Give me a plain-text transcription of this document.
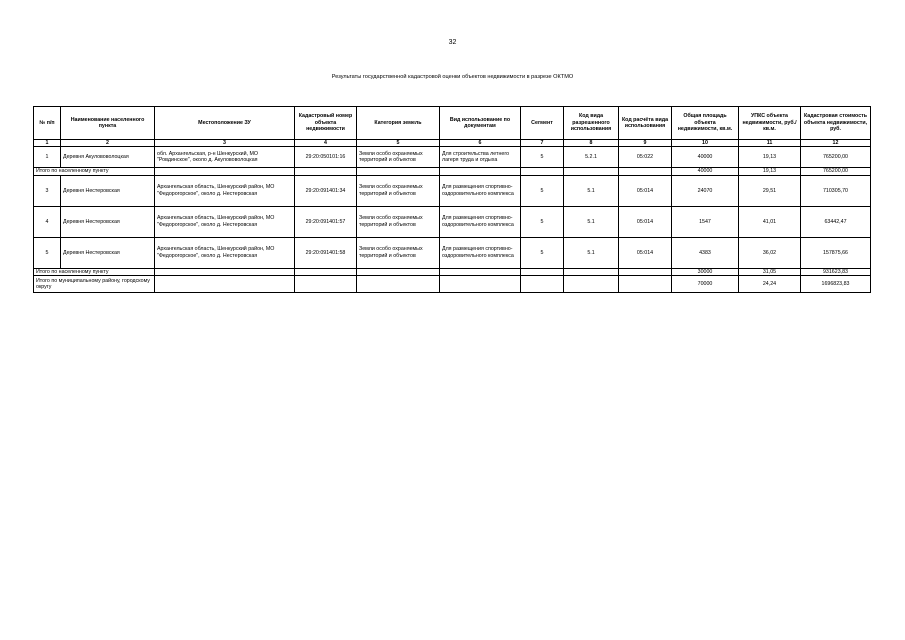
32
Результаты государственной кадастровой оценки объектов недвижимости в разрезе ОКТМО
№ п/п	Наименование населенного пункта	Местоположение ЗУ	Кадастровый номер объекта недвижимости	Категория земель	Вид использование по документам	Сегмент	Код вида разрешенного использования	Код расчёта вида использования	Общая площадь объекта недвижимости, кв.м.	УПКС объекта недвижимости, руб./кв.м.	Кадастровая стоимость объекта недвижимости, руб.
1	2	3	4	5	6	7	8	9	10	11	12
1	Деревня Акулововолоцкая	обл. Архангельская, р-н Шенкурский, МО "Ровдинское", около д. Акулововолоцкая	29:20:050101:16	Земли особо охраняемых территорий и объектов	Для строительства летнего лагеря труда и отдыха	5	5.2.1	05:022	40000	19,13	765200,00
Итого по населенному пункту									40000	19,13	765200,00
3	Деревня Нестеровская	Архангельская область, Шенкурский район, МО "Федорогорское", около д. Нестеровская	29:20:091401:34	Земли особо охраняемых территорий и объектов	Для размещения спортивно-оздоровительного комплекса	5	5.1	05:014	24070	29,51	710305,70
4	Деревня Нестеровская	Архангельская область, Шенкурский район, МО "Федорогорское", около д. Нестеровская	29:20:091401:57	Земли особо охраняемых территорий и объектов	Для размещения спортивно-оздоровительного комплекса	5	5.1	05:014	1547	41,01	63442,47
5	Деревня Нестеровская	Архангельская область, Шенкурский район, МО "Федорогорское", около д. Нестеровская	29:20:091401:58	Земли особо охраняемых территорий и объектов	Для размещения спортивно-оздоровительного комплекса	5	5.1	05:014	4383	36,02	157875,66
Итого по населенному пункту									30000	31,05	931623,83
Итого по муниципальному району, городскому округу									70000	24,24	1696823,83
